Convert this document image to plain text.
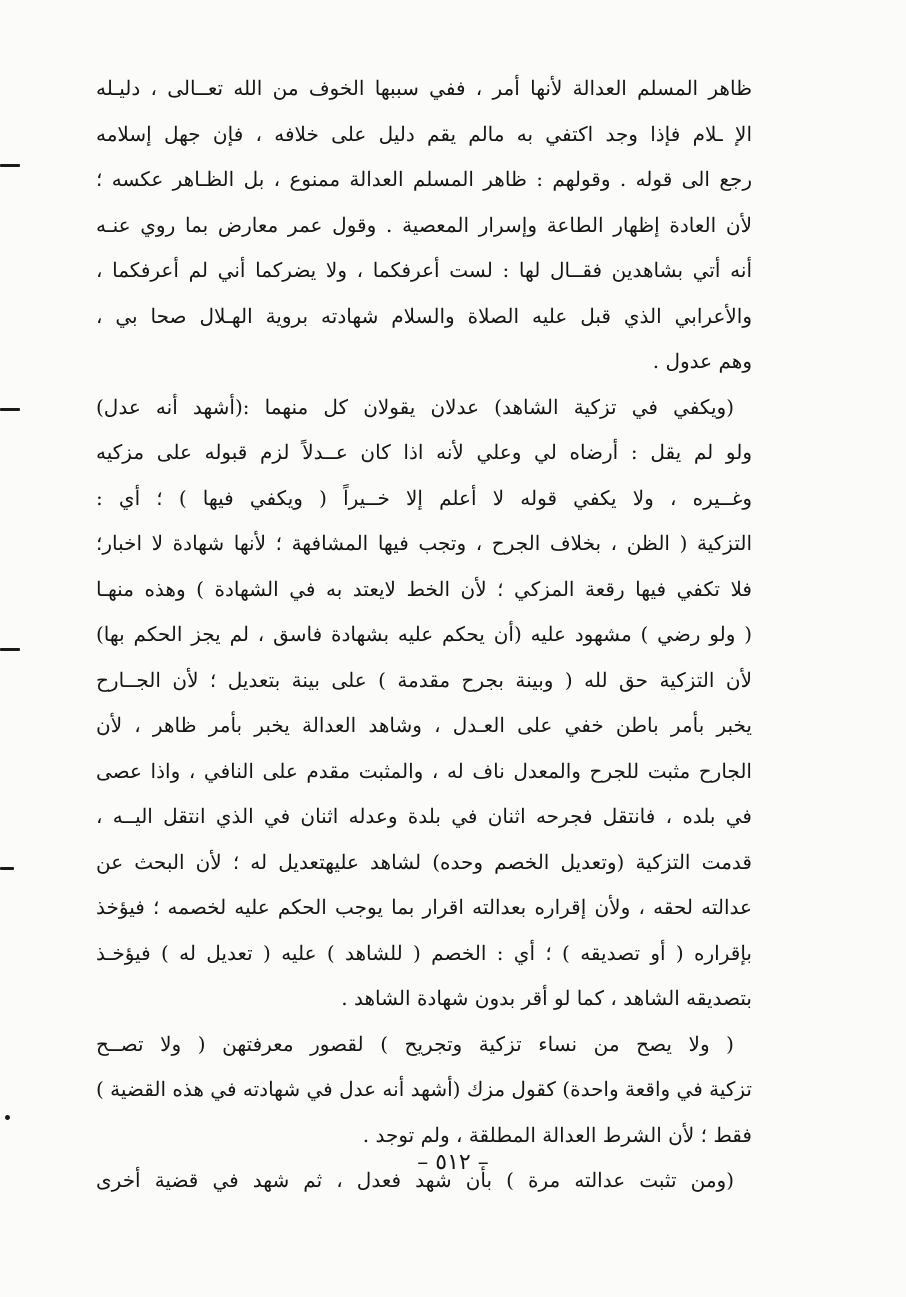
ظاهر المسلم العدالة لأنها أمر ، ففي سببها الخوف من الله تعــالى ، دليـله
الإ ـلام فإذا وجد اكتفي به مالم يقم دليل على خلافه ، فإن جهل إسلامه
رجع الى قوله . وقولهم : ظاهر المسلم العدالة ممنوع ، بل الظـاهر عكسه ؛
لأن العادة إظهار الطاعة وإسرار المعصية . وقول عمر معارض بما روي عنـه
أنه أتي بشاهدين فقــال لها : لست أعرفكما ، ولا يضركما أني لم أعرفكما ،
والأعرابي الذي قبل عليه الصلاة والسلام شهادته بروية الهـلال صحا بي ،
وهم عدول .
(ويكفي في تزكية الشاهد) عدلان يقولان كل منهما :(أشهد أنه عدل)
ولو لم يقل : أرضاه لي وعلي لأنه اذا كان عــدلاً لزم قبوله على مزكيه
وغــيره ، ولا يكفي قوله لا أعلم إلا خــيراً ( ويكفي فيها ) ؛ أي :
التزكية ( الظن ، بخلاف الجرح ، وتجب فيها المشافهة ؛ لأنها شهادة لا اخبار؛
فلا تكفي فيها رقعة المزكي ؛ لأن الخط لايعتد به في الشهادة ) وهذه منهـا
( ولو رضي ) مشهود عليه (أن يحكم عليه بشهادة فاسق ، لم يجز الحكم بها)
لأن التزكية حق لله ( وبينة بجرح مقدمة ) على بينة بتعديل ؛ لأن الجــارح
يخبر بأمر باطن خفي على العـدل ، وشاهد العدالة يخبر بأمر ظاهر ، لأن
الجارح مثبت للجرح والمعدل ناف له ، والمثبت مقدم على النافي ، واذا عصى
في بلده ، فانتقل فجرحه اثنان في بلدة وعدله اثنان في الذي انتقل اليــه ،
قدمت التزكية (وتعديل الخصم وحده) لشاهد عليهتعديل له ؛ لأن البحث عن
عدالته لحقه ، ولأن إقراره بعدالته اقرار بما يوجب الحكم عليه لخصمه ؛ فيؤخذ
بإقراره ( أو تصديقه ) ؛ أي : الخصم ( للشاهد ) عليه ( تعديل له ) فيؤخـذ
بتصديقه الشاهد ، كما لو أقر بدون شهادة الشاهد .
( ولا يصح من نساء تزكية وتجريح ) لقصور معرفتهن ( ولا تصــح
تزكية في واقعة واحدة) كقول مزك (أشهد أنه عدل في شهادته في هذه القضية )
فقط ؛ لأن الشرط العدالة المطلقة ، ولم توجد .
(ومن تثبت عدالته مرة ) بأن شهد فعدل ، ثم شهد في قضية أخرى
– ٥١٢ –
